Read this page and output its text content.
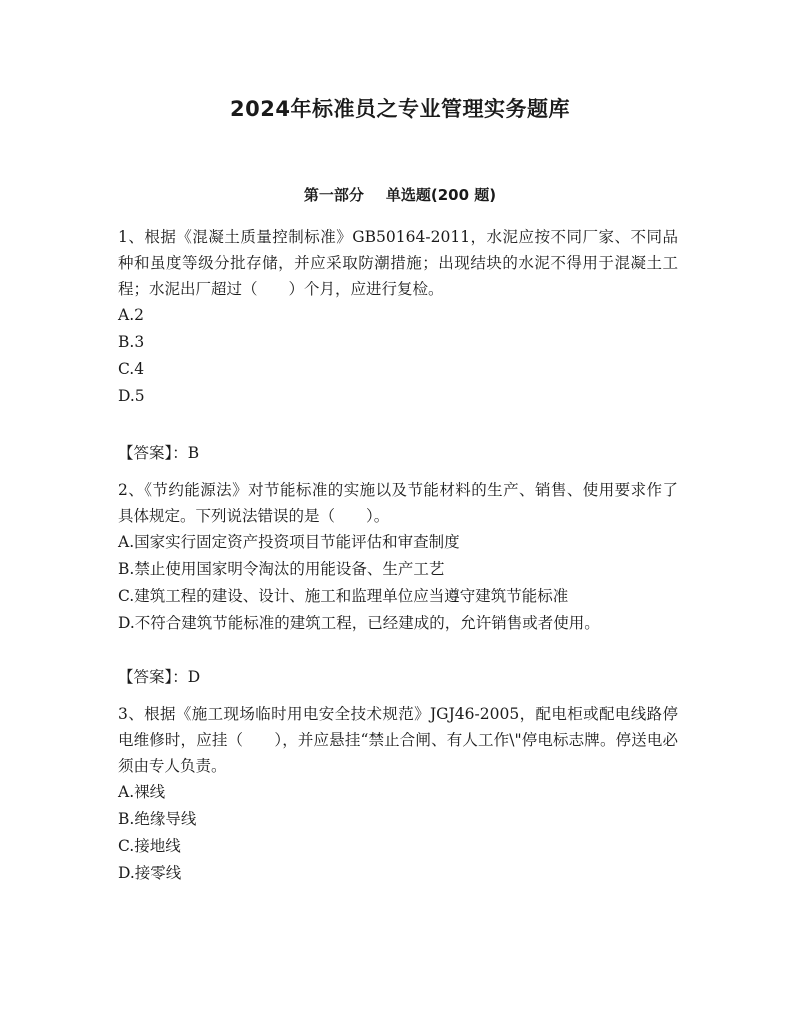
2024年标准员之专业管理实务题库
第一部分 单选题(200 题)

1、根据《混凝土质量控制标准》GB50164-2011，水泥应按不同厂家、不同品种和虽度等级分批存储，并应采取防潮措施；出现结块的水泥不得用于混凝土工程；水泥出厂超过（　　）个月，应进行复检。

A.2
B.3
C.4
D.5

【答案】：B

2、《节约能源法》对节能标准的实施以及节能材料的生产、销售、使用要求作了具体规定。下列说法错误的是（　　）。

A.国家实行固定资产投资项目节能评估和审查制度
B.禁止使用国家明令淘汰的用能设备、生产工艺
C.建筑工程的建设、设计、施工和监理单位应当遵守建筑节能标准
D.不符合建筑节能标准的建筑工程，已经建成的，允许销售或者使用。

【答案】：D

3、根据《施工现场临时用电安全技术规范》JGJ46-2005，配电柜或配电线路停电维修时，应挂（　　），并应悬挂“禁止合闸、有人工作\"停电标志牌。停送电必须由专人负责。

A.裸线
B.绝缘导线
C.接地线
D.接零线
